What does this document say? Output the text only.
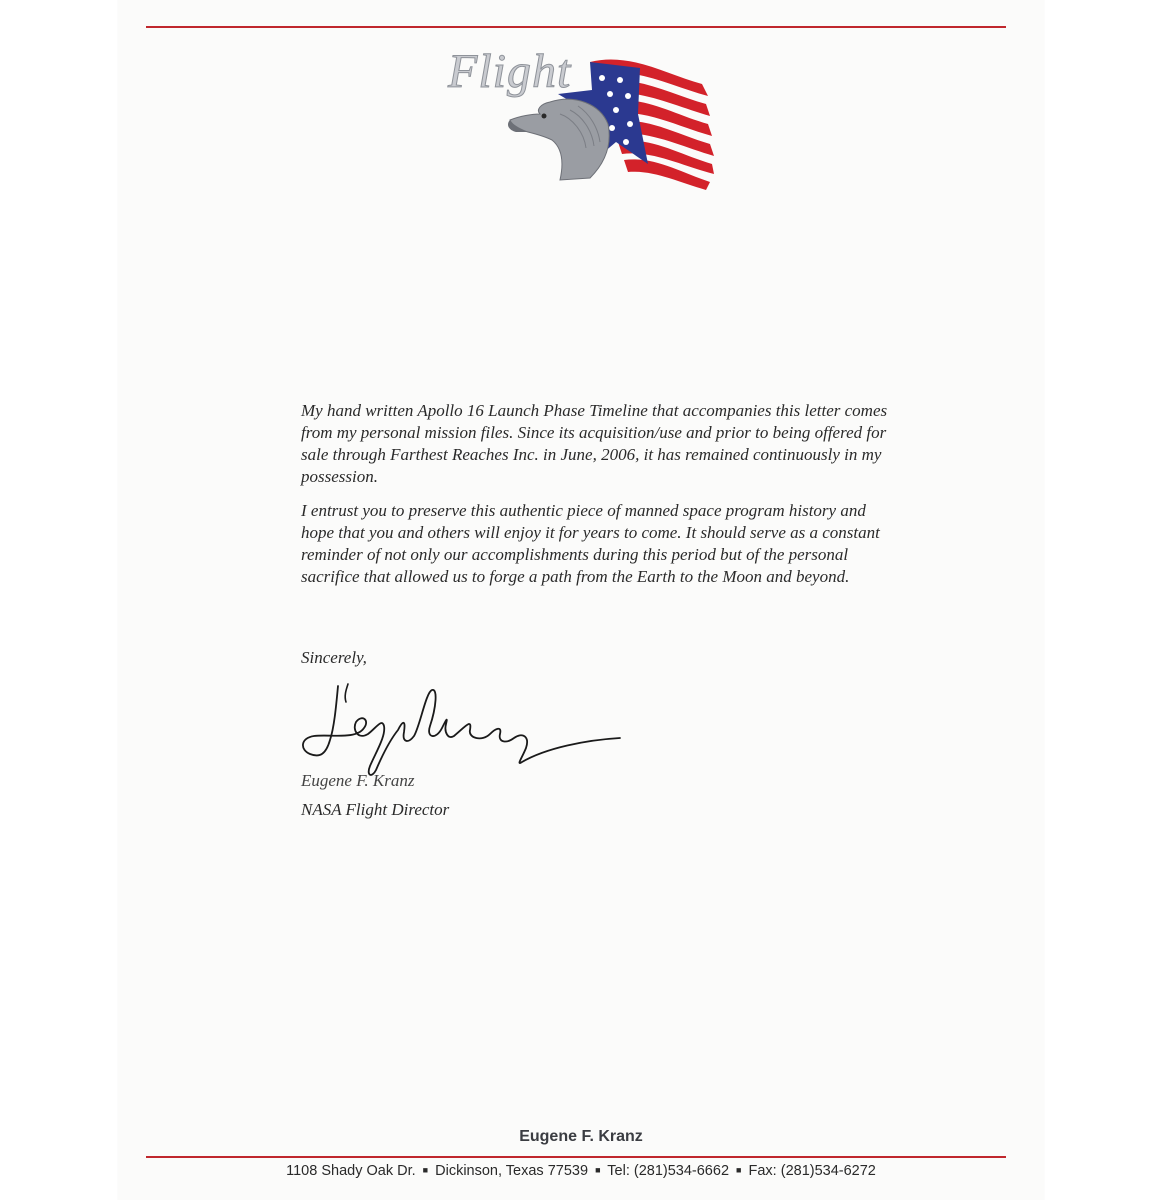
Flight

My hand written Apollo 16 Launch Phase Timeline that accompanies this letter comes from my personal mission files. Since its acquisition/use and prior to being offered for sale through Farthest Reaches Inc. in June, 2006, it has remained continuously in my possession.

I entrust you to preserve this authentic piece of manned space program history and hope that you and others will enjoy it for years to come. It should serve as a constant reminder of not only our accomplishments during this period but of the personal sacrifice that allowed us to forge a path from the Earth to the Moon and beyond.

Sincerely,
Eugene F. Kranz
NASA Flight Director
Eugene F. Kranz
1108 Shady Oak Dr. ■ Dickinson, Texas 77539 ■ Tel: (281)534-6662 ■ Fax: (281)534-6272
